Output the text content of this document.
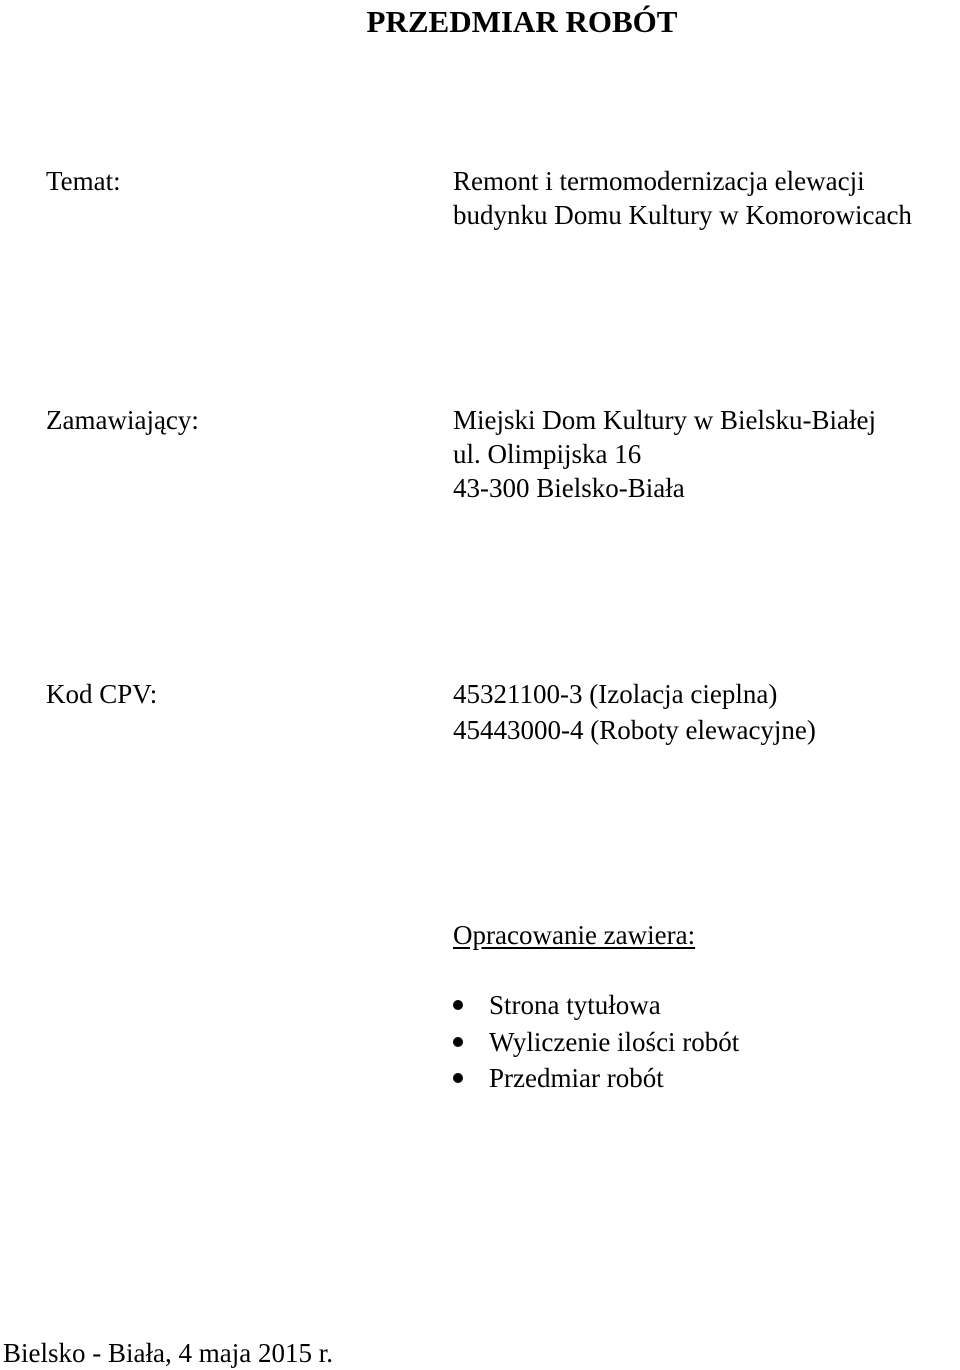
PRZEDMIAR ROBÓT
Temat:	Remont i termomodernizacja elewacji
budynku Domu Kultury w Komorowicach
Zamawiający:	Miejski Dom Kultury w Bielsku-Białej
ul. Olimpijska 16
43-300 Bielsko-Biała
Kod CPV:	45321100-3 (Izolacja cieplna)
45443000-4 (Roboty elewacyjne)
Opracowanie zawiera:
Strona tytułowa
Wyliczenie ilości robót
Przedmiar robót
Bielsko - Biała, 4 maja 2015 r.
